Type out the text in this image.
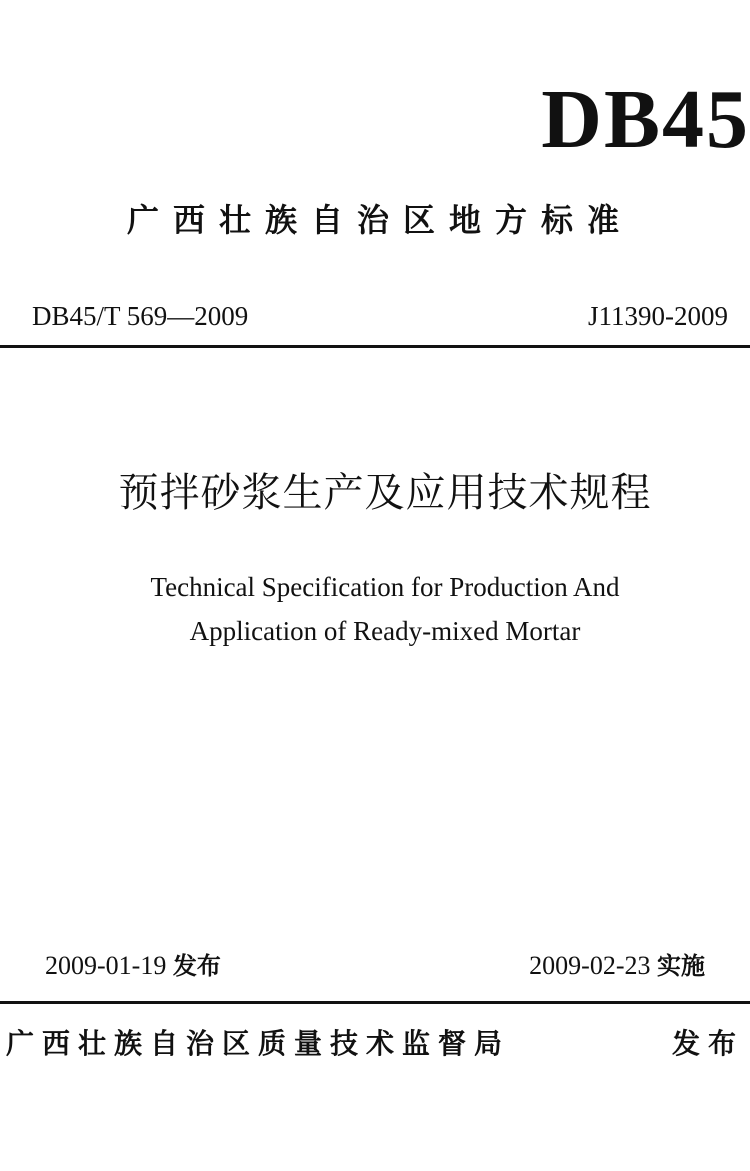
DB45
广西壮族自治区地方标准
DB45/T 569—2009	J11390-2009
预拌砂浆生产及应用技术规程
Technical Specification for Production And
Application of Ready-mixed Mortar
2009-01-19 发布	2009-02-23 实施
广西壮族自治区质量技术监督局	发布
